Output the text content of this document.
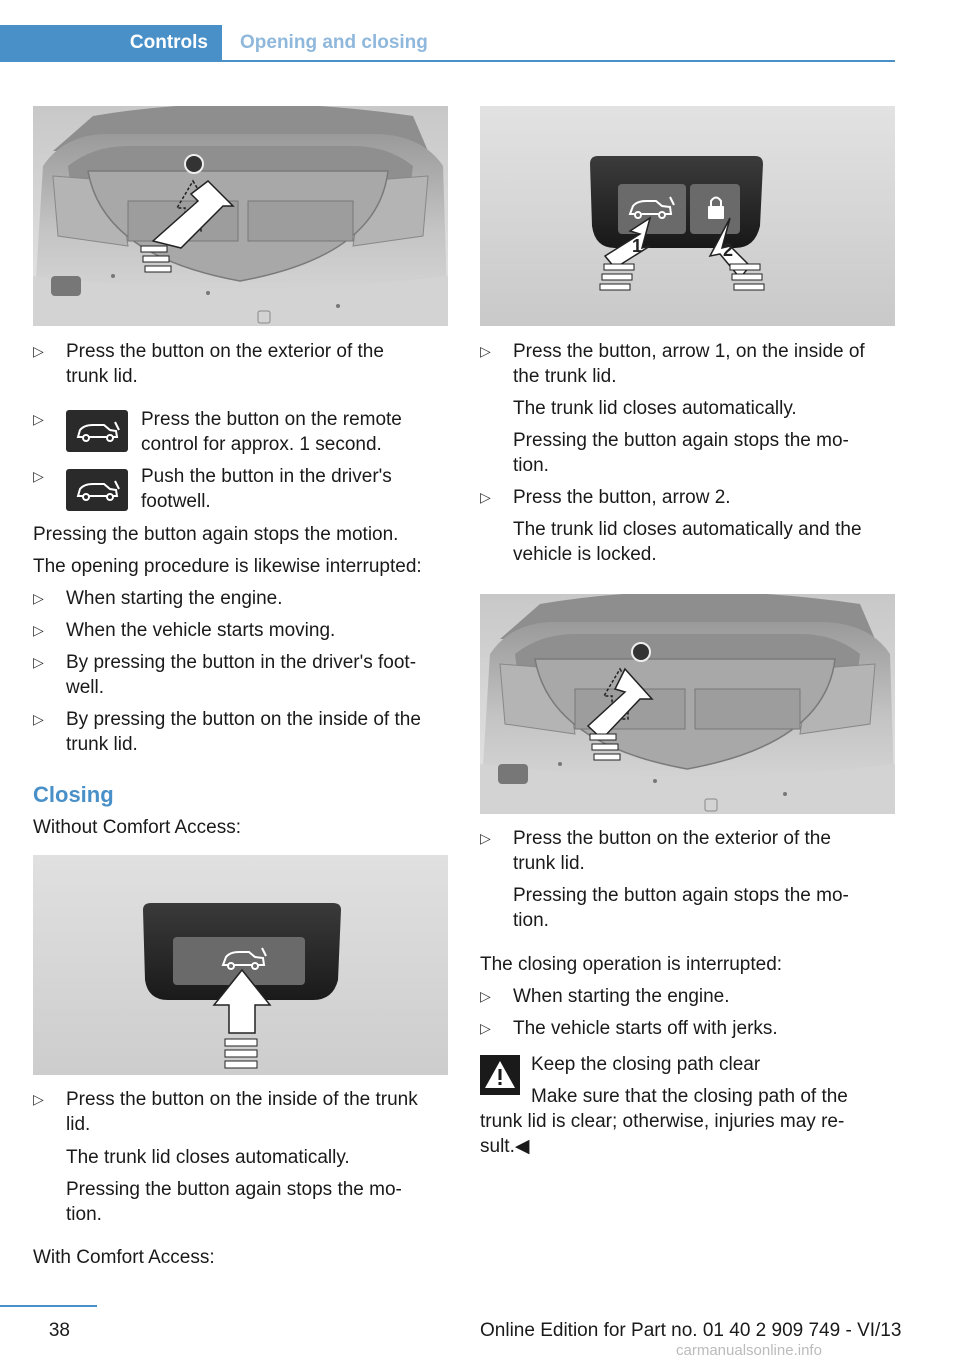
Controls	Opening and closing
▷ Press the button on the exterior of the
trunk lid.
▷	Press the button on the remote
control for approx. 1 second.
▷	Push the button in the driver's
footwell.
Pressing the button again stops the motion.
The opening procedure is likewise interrupted:
▷ When starting the engine.
▷ When the vehicle starts moving.
▷ By pressing the button in the driver's foot‐
well.
▷ By pressing the button on the inside of the
trunk lid.
Closing
Without Comfort Access:
▷ Press the button on the inside of the trunk
lid.
The trunk lid closes automatically.
Pressing the button again stops the mo‐
tion.
With Comfort Access:
1	2
▷ Press the button, arrow 1, on the inside of
the trunk lid.
The trunk lid closes automatically.
Pressing the button again stops the mo‐
tion.
▷ Press the button, arrow 2.
The trunk lid closes automatically and the
vehicle is locked.
▷ Press the button on the exterior of the
trunk lid.
Pressing the button again stops the mo‐
tion.
The closing operation is interrupted:
▷ When starting the engine.
▷ The vehicle starts off with jerks.
Keep the closing path clear
Make sure that the closing path of the
trunk lid is clear; otherwise, injuries may re‐
sult.◀
38	Online Edition for Part no. 01 40 2 909 749 - VI/13
carmanualsonline.info
